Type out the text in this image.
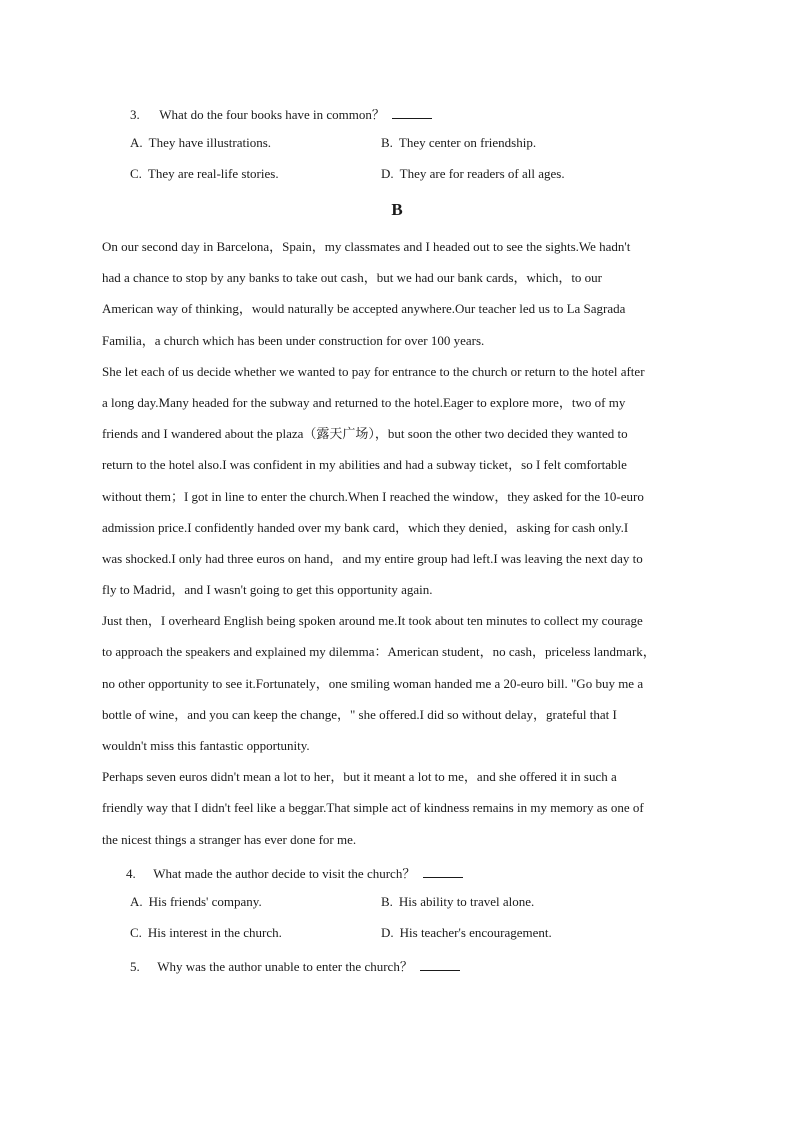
3. What do the four books have in common？
A. They have illustrations.	B. They center on friendship.
C. They are real-life stories.	D. They are for readers of all ages.
B
On our second day in Barcelona，Spain，my classmates and I headed out to see the sights.We hadn't
had a chance to stop by any banks to take out cash，but we had our bank cards，which，to our
American way of thinking，would naturally be accepted anywhere.Our teacher led us to La Sagrada
Familia，a church which has been under construction for over 100 years.
She let each of us decide whether we wanted to pay for entrance to the church or return to the hotel after
a long day.Many headed for the subway and returned to the hotel.Eager to explore more，two of my
friends and I wandered about the plaza（露天广场），but soon the other two decided they wanted to
return to the hotel also.I was confident in my abilities and had a subway ticket，so I felt comfortable
without them；I got in line to enter the church.When I reached the window，they asked for the 10-euro
admission price.I confidently handed over my bank card，which they denied，asking for cash only.I
was shocked.I only had three euros on hand，and my entire group had left.I was leaving the next day to
fly to Madrid，and I wasn't going to get this opportunity again.
Just then，I overheard English being spoken around me.It took about ten minutes to collect my courage
to approach the speakers and explained my dilemma：American student，no cash，priceless landmark，
no other opportunity to see it.Fortunately，one smiling woman handed me a 20-euro bill. "Go buy me a
bottle of wine，and you can keep the change，" she offered.I did so without delay，grateful that I
wouldn't miss this fantastic opportunity.
Perhaps seven euros didn't mean a lot to her，but it meant a lot to me，and she offered it in such a
friendly way that I didn't feel like a beggar.That simple act of kindness remains in my memory as one of
the nicest things a stranger has ever done for me.
4. What made the author decide to visit the church？
A. His friends' company.	B. His ability to travel alone.
C. His interest in the church.	D. His teacher's encouragement.
5. Why was the author unable to enter the church？
